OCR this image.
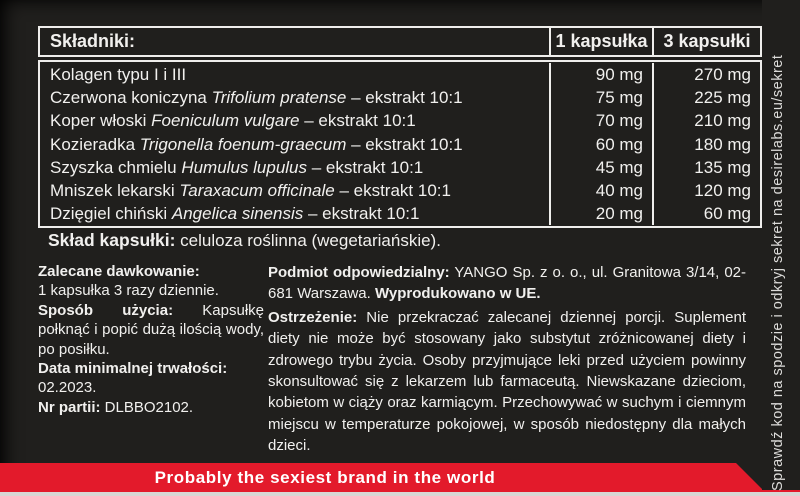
Składniki:	1 kapsułka 3 kapsułki
Kolagen typu I i III	90 mg	270 mg
Czerwona koniczyna Trifolium pratense – ekstrakt 10:1	75 mg	225 mg
Koper włoski Foeniculum vulgare – ekstrakt 10:1	70 mg	210 mg
Kozieradka Trigonella foenum-graecum – ekstrakt 10:1	60 mg	180 mg
Szyszka chmielu Humulus lupulus – ekstrakt 10:1	45 mg	135 mg
Mniszek lekarski Taraxacum officinale – ekstrakt 10:1	40 mg	120 mg
Dzięgiel chiński Angelica sinensis – ekstrakt 10:1	20 mg	60 mg
Skład kapsułki: celuloza roślinna (wegetariańskie).
Zalecane dawkowanie:
1 kapsułka 3 razy dziennie.
Sposób użycia: Kapsułkę połknąć i popić dużą ilością wody, po posiłku.
Data minimalnej trwałości:
02.2023.
Nr partii: DLBBO2102.
Podmiot odpowiedzialny: YANGO Sp. z o. o., ul. Granitowa 3/14, 02-681 Warszawa. Wyprodukowano w UE.
Ostrzeżenie: Nie przekraczać zalecanej dziennej porcji. Suplement diety nie może być stosowany jako substytut zróżnicowanej diety i zdrowego trybu życia. Osoby przyjmujące leki przed użyciem powinny skonsultować się z lekarzem lub farmaceutą. Niewskazane dzieciom, kobietom w ciąży oraz karmiącym. Przechowywać w suchym i ciemnym miejscu w temperaturze pokojowej, w sposób niedostępny dla małych dzieci.
Probably the sexiest brand in the world	Sprawdź kod na spodzie i odkryj sekret na desirelabs.eu/sekret
